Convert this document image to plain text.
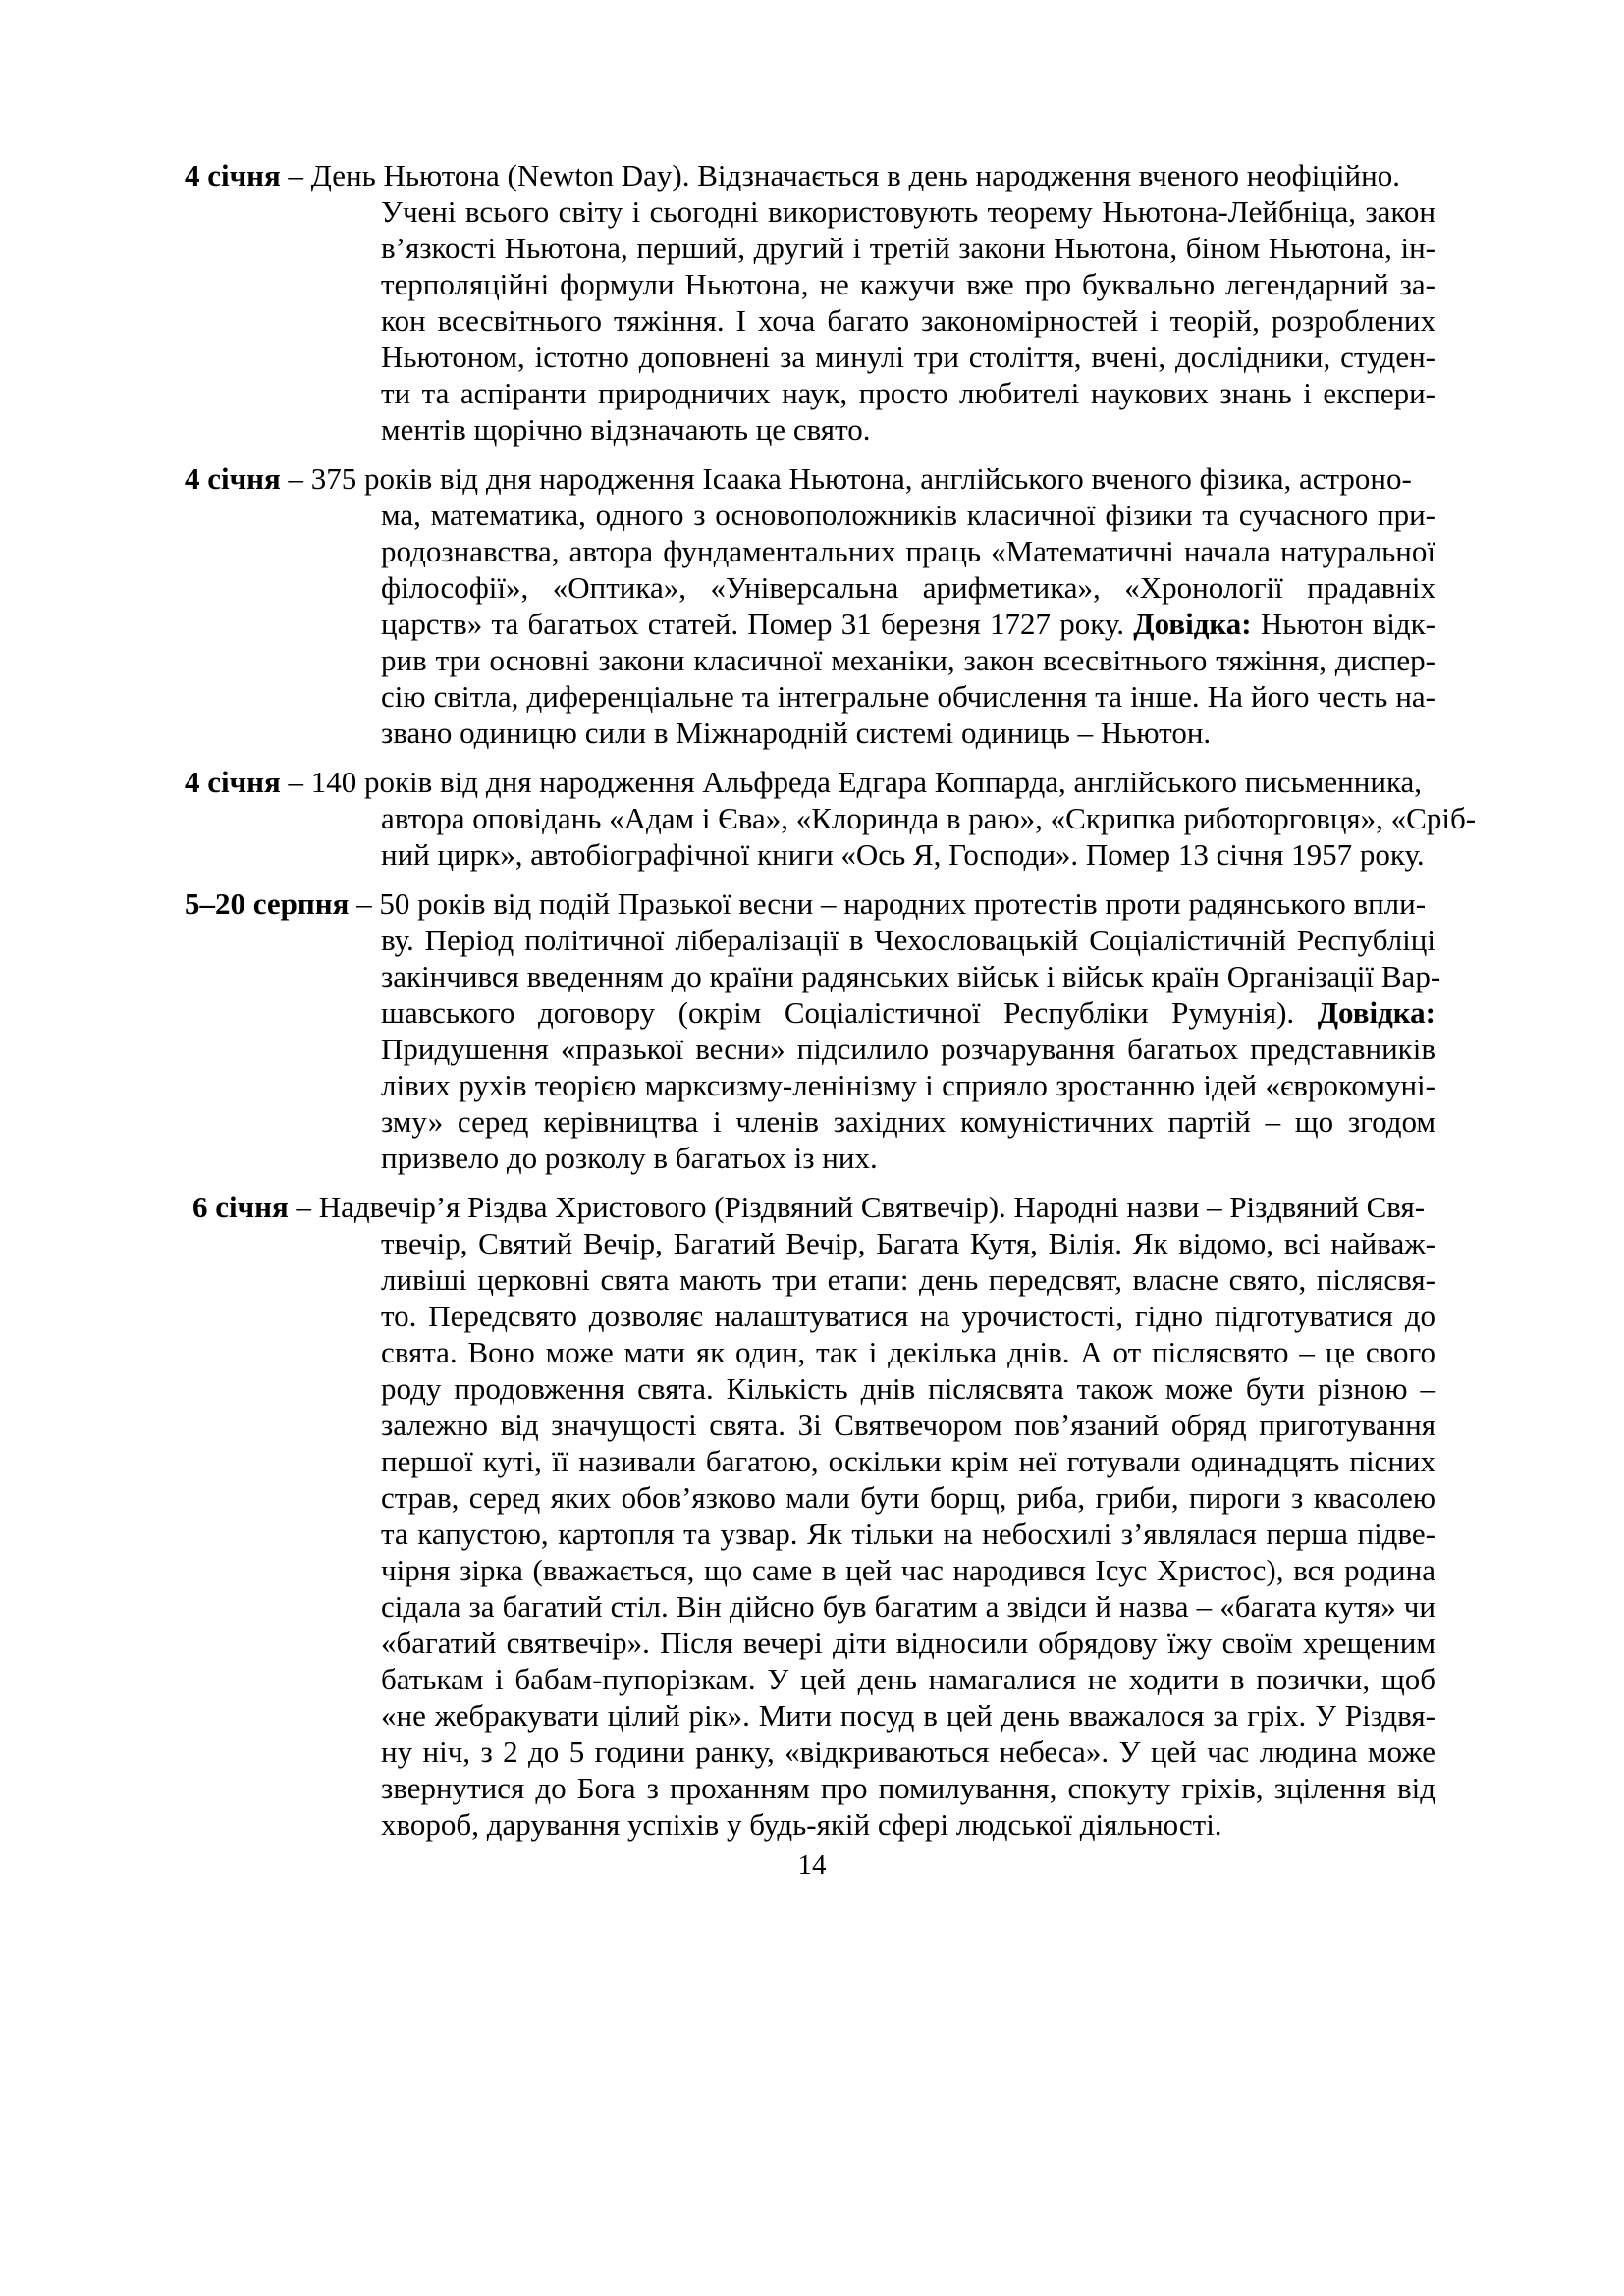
4 січня – День Ньютона (Newton Day). Відзначається в день народження вченого неофіційно.
Учені всього світу і сьогодні використовують теорему Ньютона-Лейбніца, закон
в’язкості Ньютона, перший, другий і третій закони Ньютона, біном Ньютона, ін-
терполяційні формули Ньютона, не кажучи вже про буквально легендарний за-
кон всесвітнього тяжіння. І хоча багато закономірностей і теорій, розроблених
Ньютоном, істотно доповнені за минулі три століття, вчені, дослідники, студен-
ти та аспіранти природничих наук, просто любителі наукових знань і експери-
ментів щорічно відзначають це свято.
4 січня – 375 років від дня народження Ісаака Ньютона, англійського вченого фізика, астроно-
ма, математика, одного з основоположників класичної фізики та сучасного при-
родознавства, автора фундаментальних праць «Математичні начала натуральної
філософії», «Оптика», «Універсальна арифметика», «Хронології прадавніх
царств» та багатьох статей. Помер 31 березня 1727 року. Довідка: Ньютон відк-
рив три основні закони класичної механіки, закон всесвітнього тяжіння, диспер-
сію світла, диференціальне та інтегральне обчислення та інше. На його честь на-
звано одиницю сили в Міжнародній системі одиниць – Ньютон.
4 січня – 140 років від дня народження Альфреда Едгара Коппарда, англійського письменника,
автора оповідань «Адам і Єва», «Клоринда в раю», «Скрипка риботорговця», «Сріб-
ний цирк», автобіографічної книги «Ось Я, Господи». Помер 13 січня 1957 року.
5–20 серпня – 50 років від подій Празької весни – народних протестів проти радянського впли-
ву. Період політичної лібералізації в Чехословацькій Соціалістичній Республіці
закінчився введенням до країни радянських військ і військ країн Організації Вар-
шавського договору (окрім Соціалістичної Республіки Румунія). Довідка:
Придушення «празької весни» підсилило розчарування багатьох представників
лівих рухів теорією марксизму-ленінізму і сприяло зростанню ідей «єврокомуні-
зму» серед керівництва і членів західних комуністичних партій – що згодом
призвело до розколу в багатьох із них.
6 січня – Надвечір’я Різдва Христового (Різдвяний Святвечір). Народні назви – Різдвяний Свя-
твечір, Святий Вечір, Багатий Вечір, Багата Кутя, Вілія. Як відомо, всі найваж-
ливіші церковні свята мають три етапи: день передсвят, власне свято, післясвя-
то. Передсвято дозволяє налаштуватися на урочистості, гідно підготуватися до
свята. Воно може мати як один, так і декілька днів. А от післясвято – це свого
роду продовження свята. Кількість днів післясвята також може бути різною –
залежно від значущості свята. Зі Святвечором пов’язаний обряд приготування
першої куті, її називали багатою, оскільки крім неї готували одинадцять пісних
страв, серед яких обов’язково мали бути борщ, риба, гриби, пироги з квасолею
та капустою, картопля та узвар. Як тільки на небосхилі з’являлася перша підве-
чірня зірка (вважається, що саме в цей час народився Ісус Христос), вся родина
сідала за багатий стіл. Він дійсно був багатим а звідси й назва – «багата кутя» чи
«багатий святвечір». Після вечері діти відносили обрядову їжу своїм хрещеним
батькам і бабам-пупорізкам. У цей день намагалися не ходити в позички, щоб
«не жебракувати цілий рік». Мити посуд в цей день вважалося за гріх. У Різдвя-
ну ніч, з 2 до 5 години ранку, «відкриваються небеса». У цей час людина може
звернутися до Бога з проханням про помилування, спокуту гріхів, зцілення від
хвороб, дарування успіхів у будь-якій сфері людської діяльності.
14
